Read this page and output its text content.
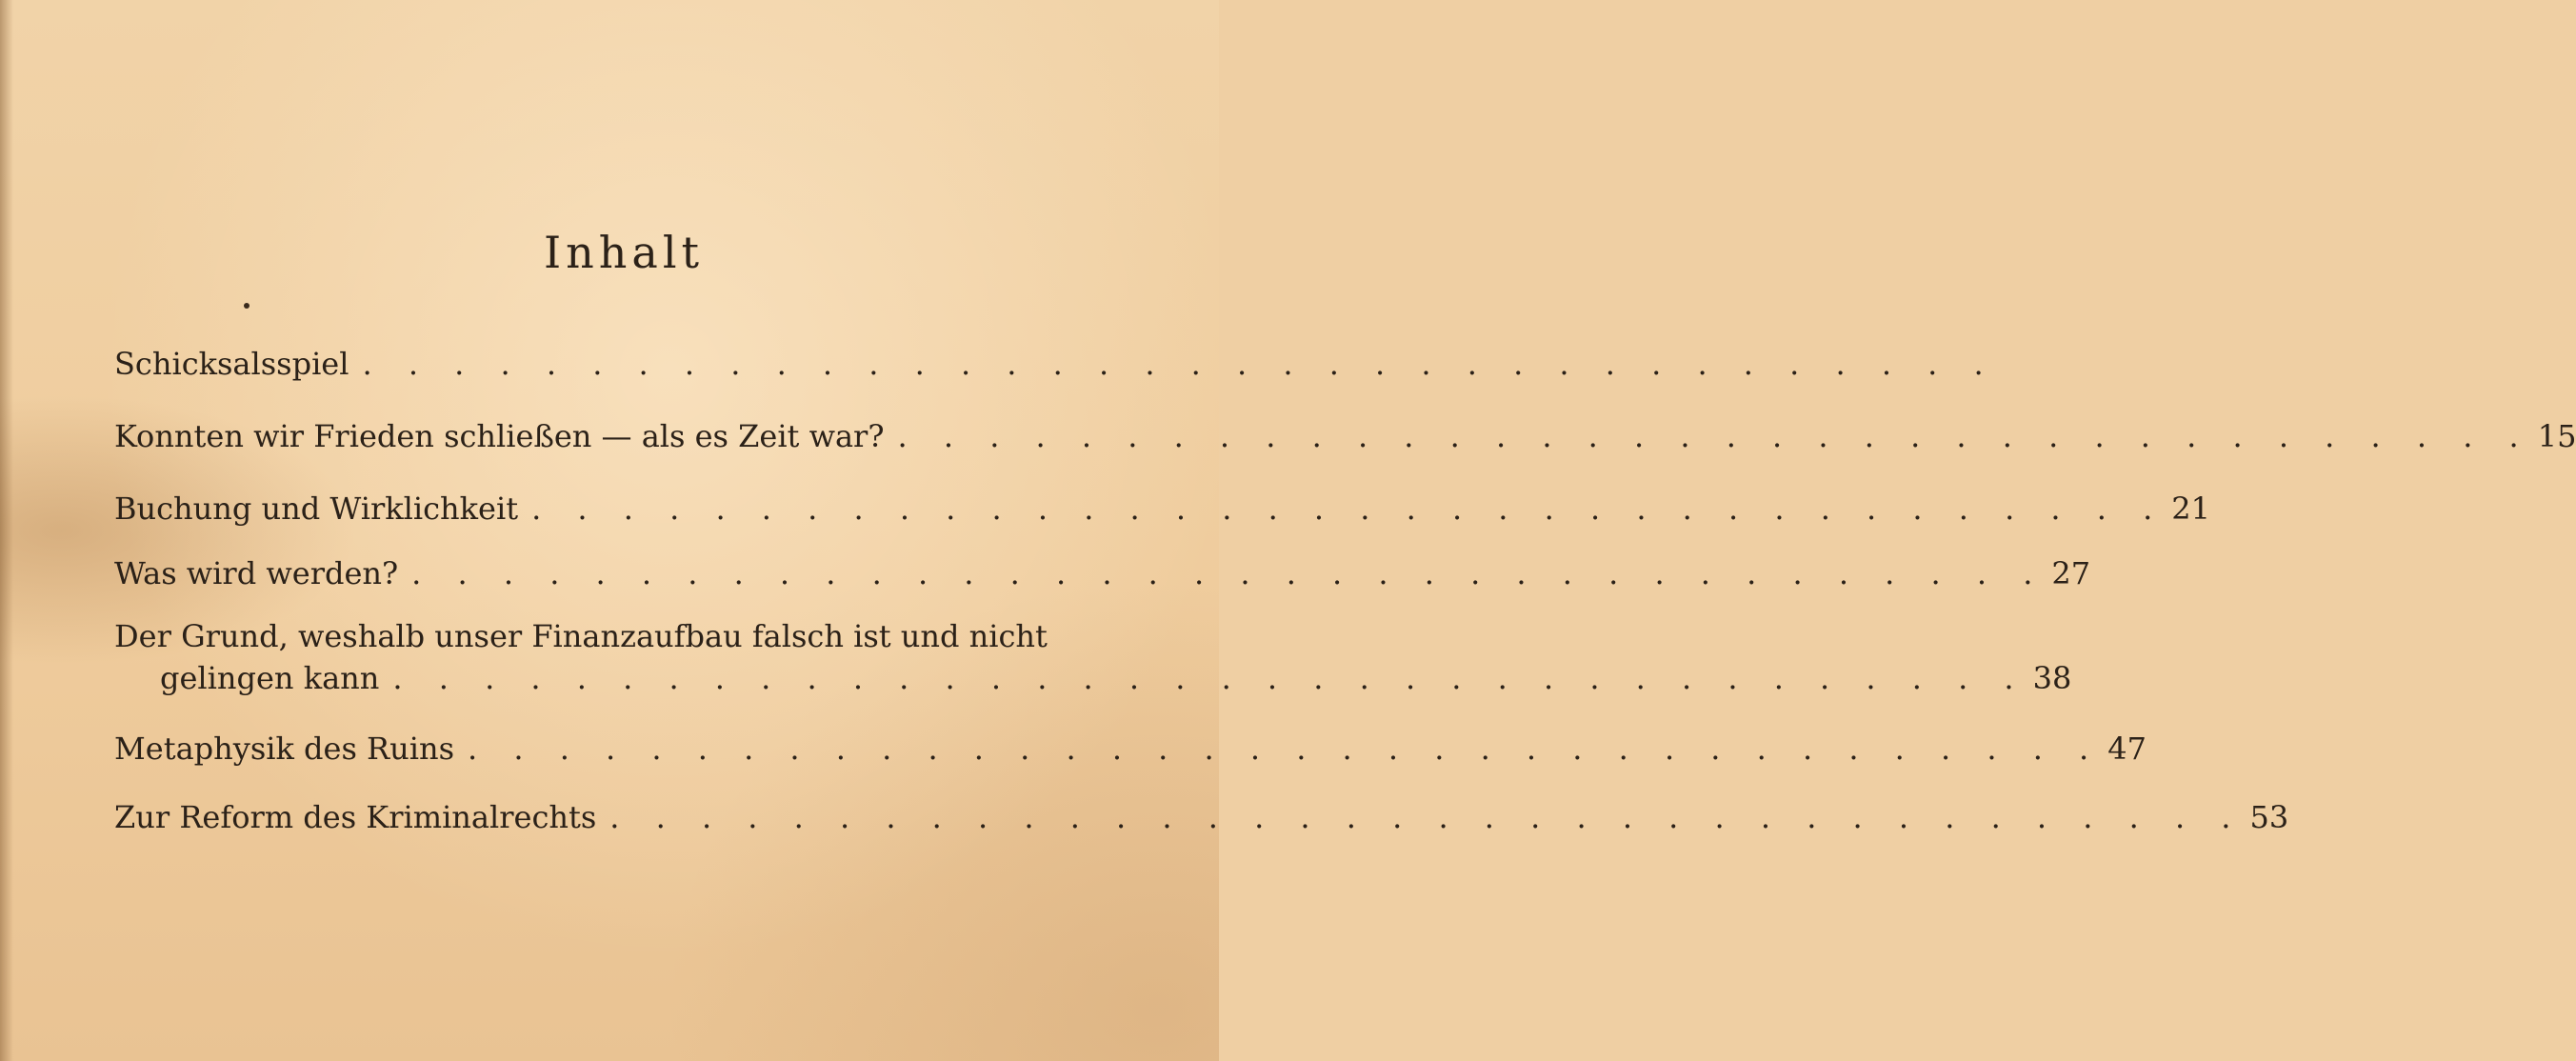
Inhalt
Schicksalsspiel . . . . . . . . . . . . . . . . . . . . . . . . . . . . . . . . . . . .
Konnten wir Frieden schließen — als es Zeit war? . . . . . . . . . . . . . . . . . . . . . . . . . . . . . . . . . . . . 15
Buchung und Wirklichkeit . . . . . . . . . . . . . . . . . . . . . . . . . . . . . . . . . . . . 21
Was wird werden? . . . . . . . . . . . . . . . . . . . . . . . . . . . . . . . . . . . . 27
Der Grund, weshalb unser Finanzaufbau falsch ist und nicht
gelingen kann . . . . . . . . . . . . . . . . . . . . . . . . . . . . . . . . . . . . 38
Metaphysik des Ruins . . . . . . . . . . . . . . . . . . . . . . . . . . . . . . . . . . . . 47
Zur Reform des Kriminalrechts . . . . . . . . . . . . . . . . . . . . . . . . . . . . . . . . . . . . 53
